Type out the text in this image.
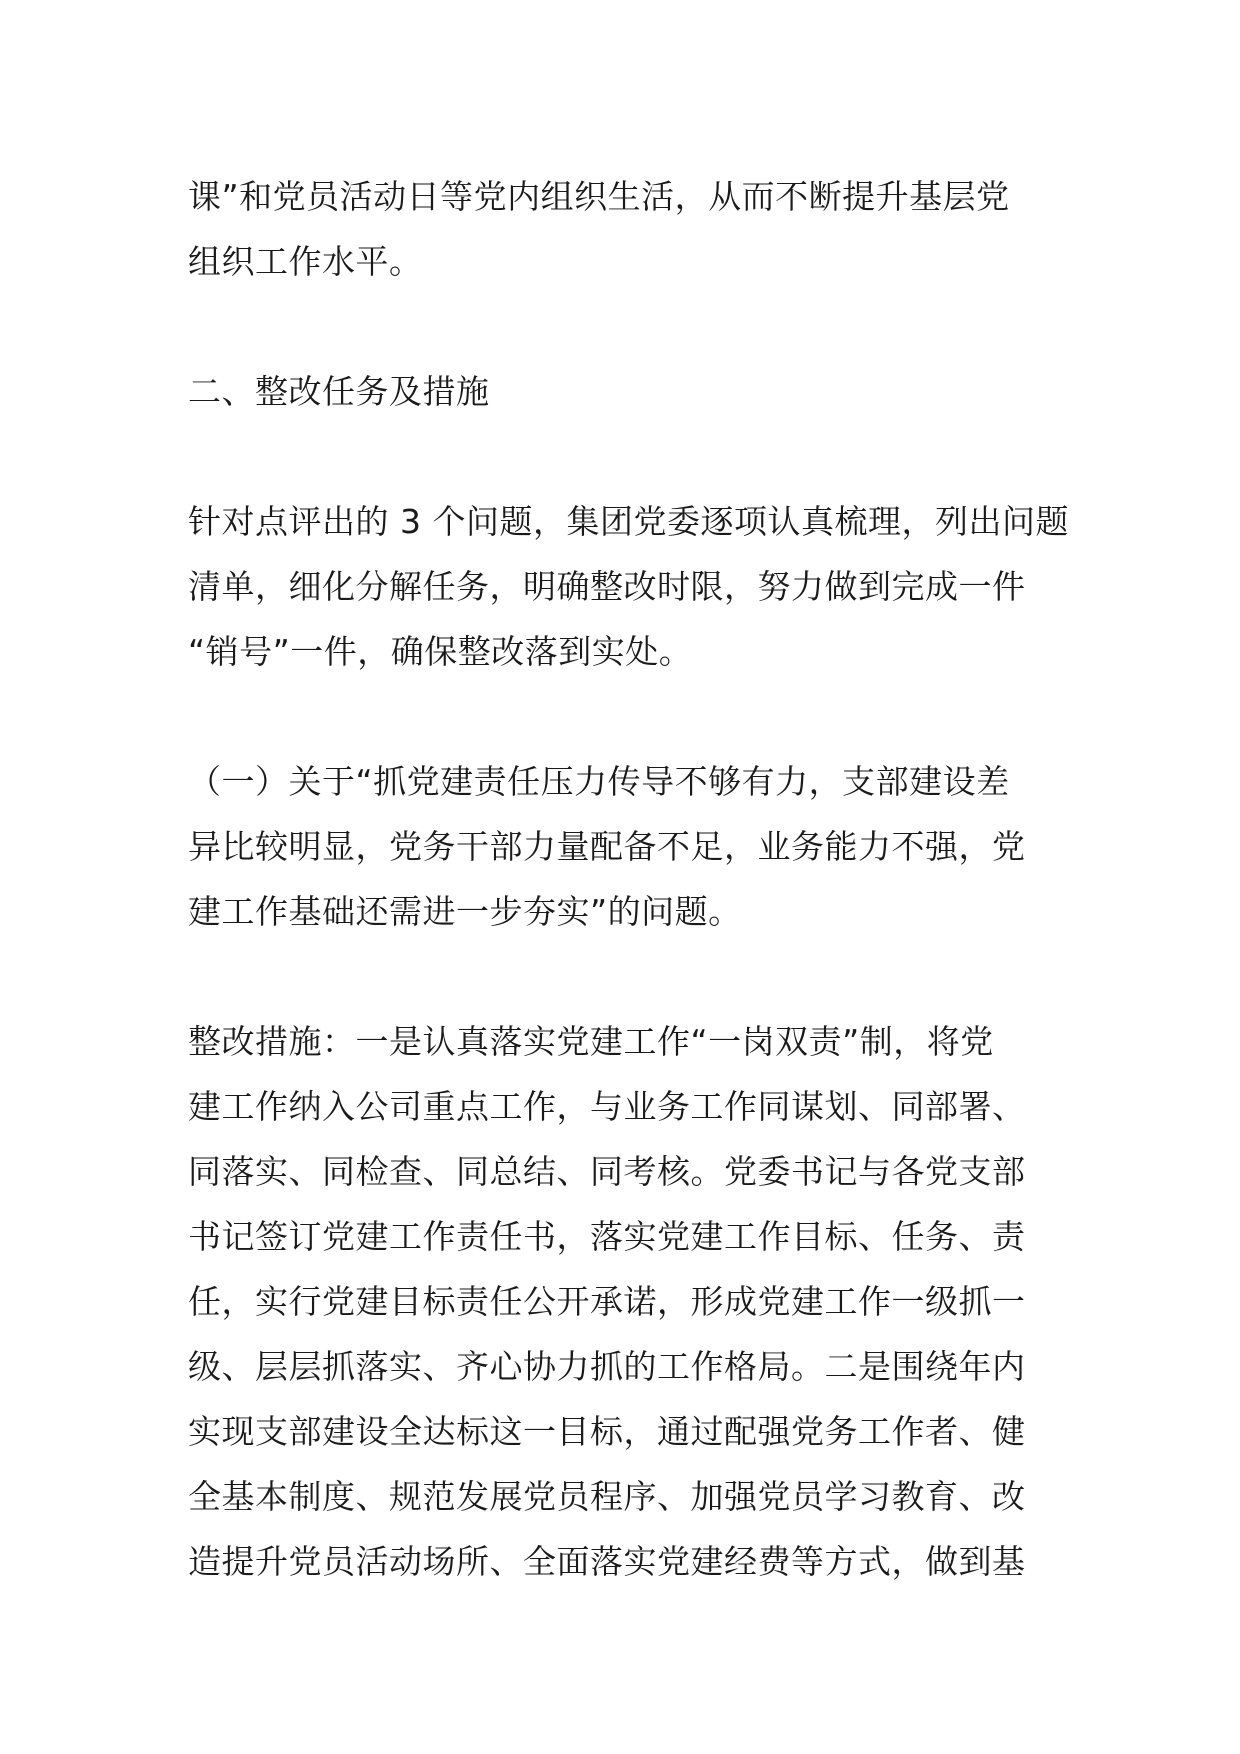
课”和党员活动日等党内组织生活，从而不断提升基层党
组织工作水平。

二、整改任务及措施

针对点评出的 3 个问题，集团党委逐项认真梳理，列出问题
清单，细化分解任务，明确整改时限，努力做到完成一件
“销号”一件，确保整改落到实处。

（一）关于“抓党建责任压力传导不够有力，支部建设差
异比较明显，党务干部力量配备不足，业务能力不强，党
建工作基础还需进一步夯实”的问题。

整改措施：一是认真落实党建工作“一岗双责”制，将党
建工作纳入公司重点工作，与业务工作同谋划、同部署、
同落实、同检查、同总结、同考核。党委书记与各党支部
书记签订党建工作责任书，落实党建工作目标、任务、责
任，实行党建目标责任公开承诺，形成党建工作一级抓一
级、层层抓落实、齐心协力抓的工作格局。二是围绕年内
实现支部建设全达标这一目标，通过配强党务工作者、健
全基本制度、规范发展党员程序、加强党员学习教育、改
造提升党员活动场所、全面落实党建经费等方式，做到基
